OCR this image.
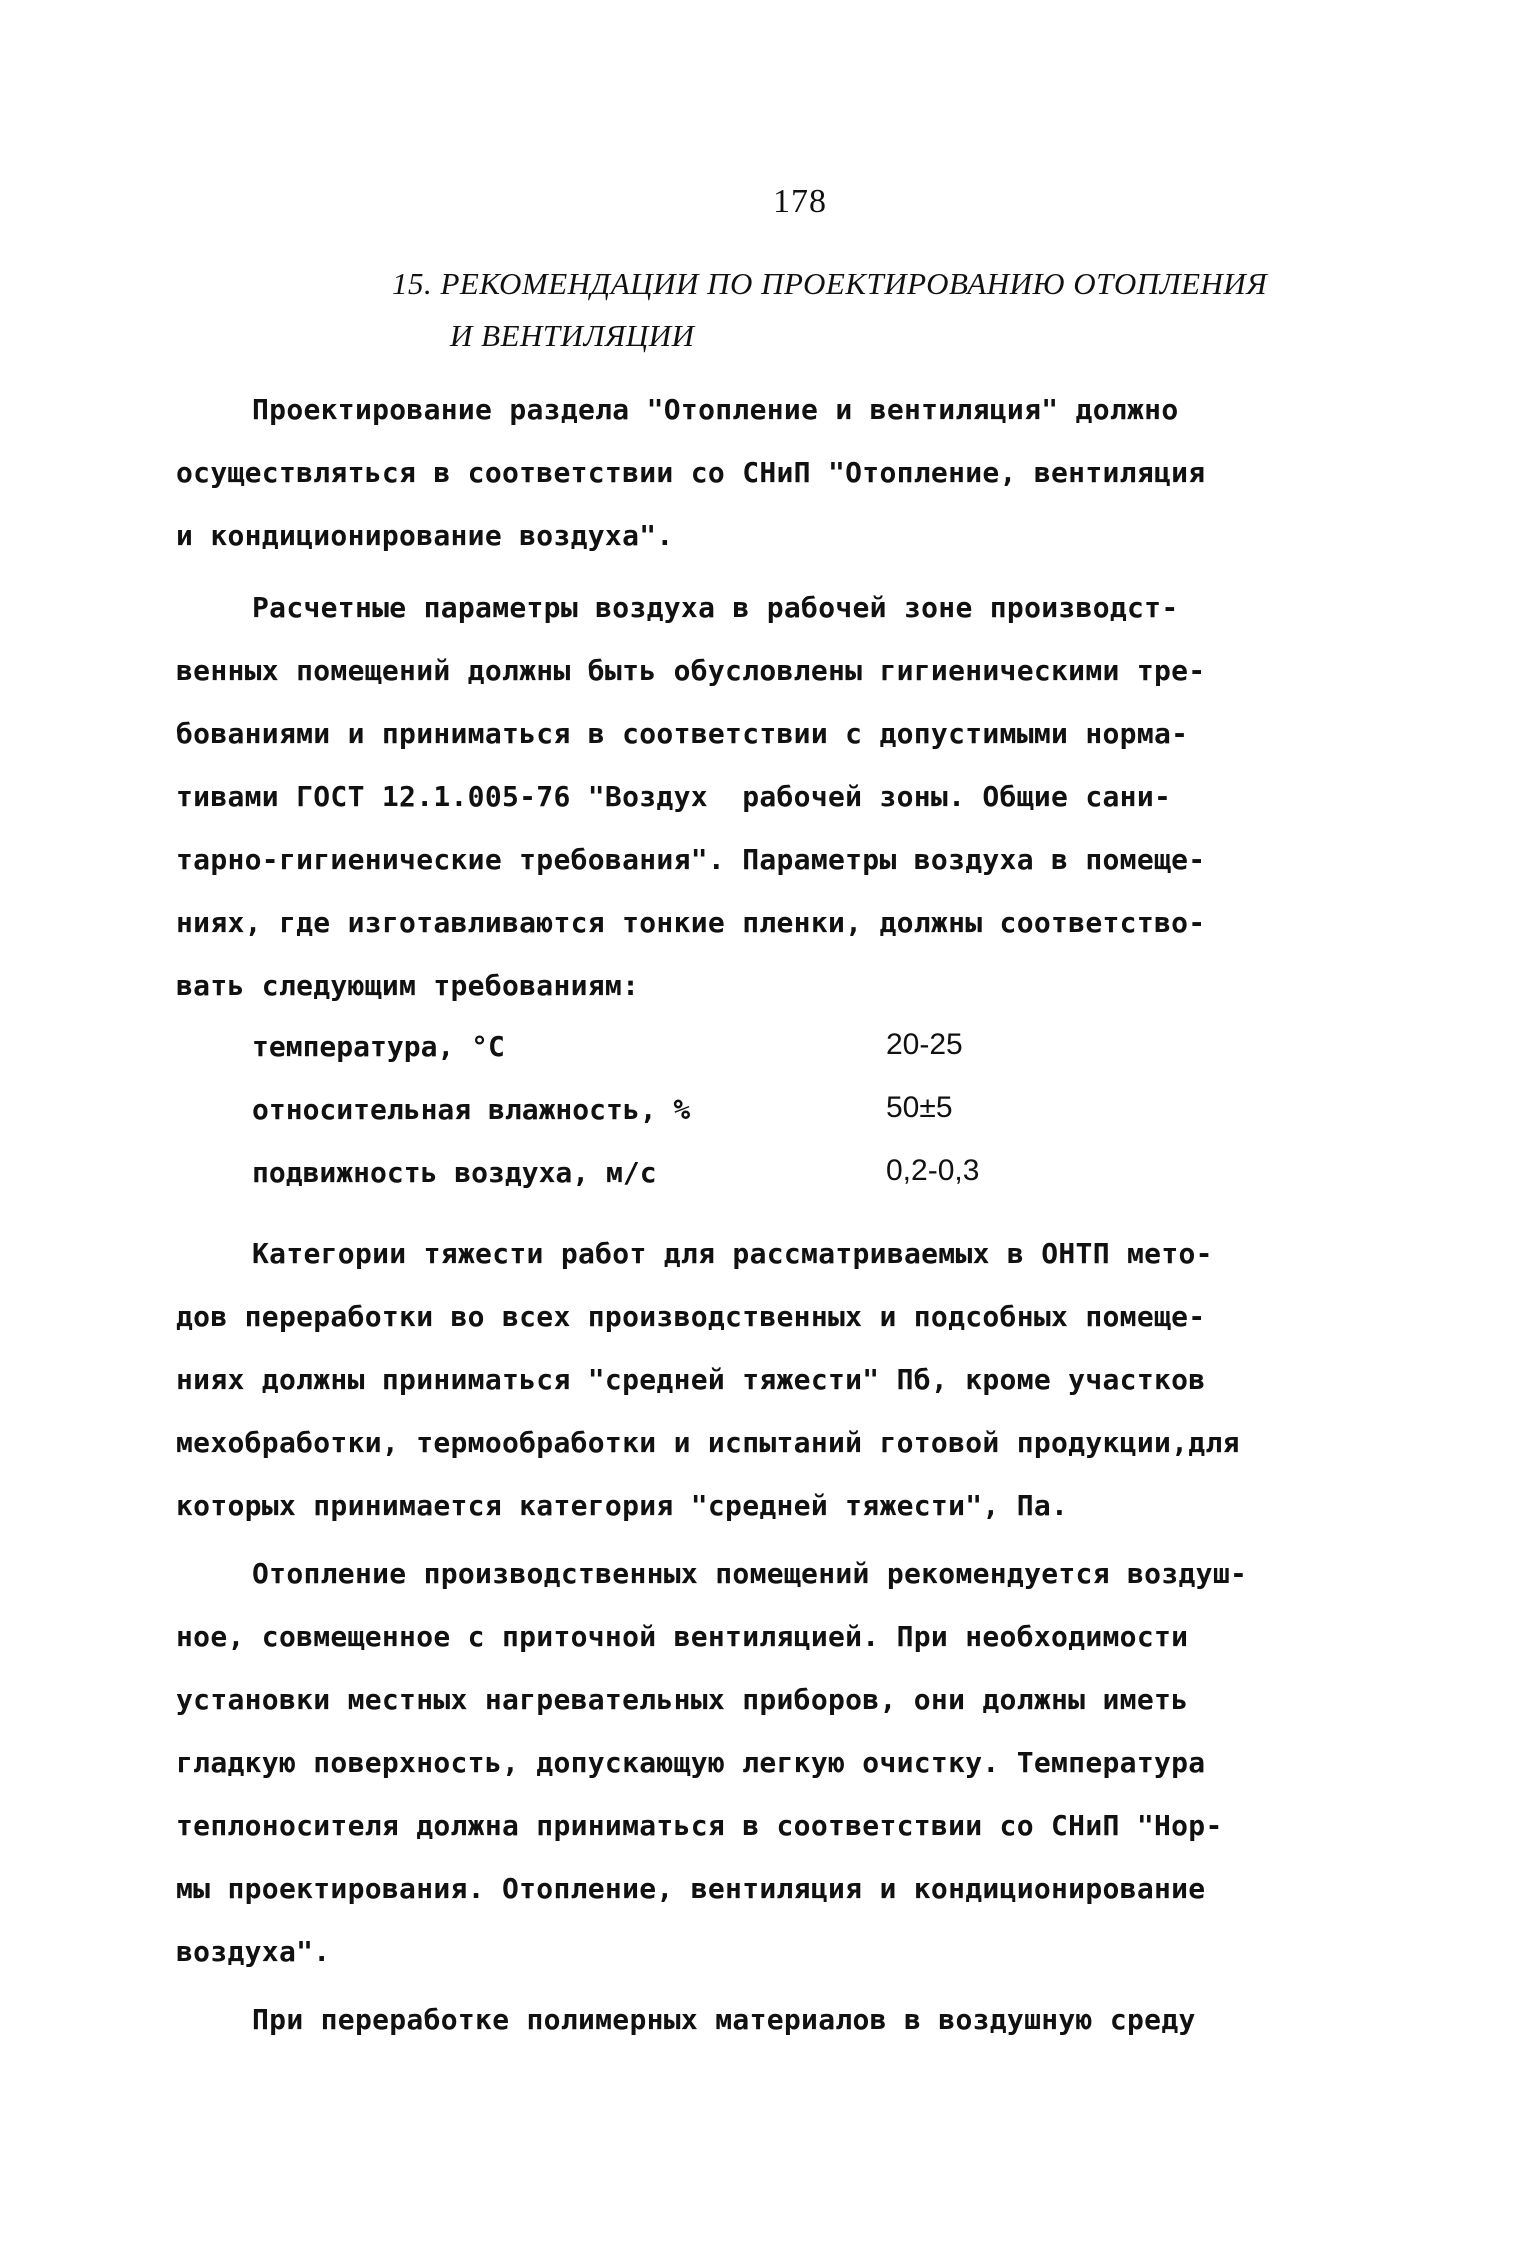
178
15. РЕКОМЕНДАЦИИ ПО ПРОЕКТИРОВАНИЮ ОТОПЛЕНИЯ
И ВЕНТИЛЯЦИИ
Проектирование раздела "Отопление и вентиляция" должно
осуществляться в соответствии со СНиП "Отопление, вентиляция
и кондиционирование воздуха".
Расчетные параметры воздуха в рабочей зоне производст-
венных помещений должны быть обусловлены гигиеническими тре-
бованиями и приниматься в соответствии с допустимыми норма-
тивами ГОСТ 12.1.005-76 "Воздух  рабочей зоны. Общие сани-
тарно-гигиенические требования". Параметры воздуха в помеще-
ниях, где изготавливаются тонкие пленки, должны соответство-
вать следующим требованиям:
температура, °С	20-25
относительная влажность, %	50±5
подвижность воздуха, м/с	0,2-0,3
Категории тяжести работ для рассматриваемых в ОНТП мето-
дов переработки во всех производственных и подсобных помеще-
ниях должны приниматься "средней тяжести" Пб, кроме участков
мехобработки, термообработки и испытаний готовой продукции,для
которых принимается категория "средней тяжести", Па.
Отопление производственных помещений рекомендуется воздуш-
ное, совмещенное с приточной вентиляцией. При необходимости
установки местных нагревательных приборов, они должны иметь
гладкую поверхность, допускающую легкую очистку. Температура
теплоносителя должна приниматься в соответствии со СНиП "Нор-
мы проектирования. Отопление, вентиляция и кондиционирование
воздуха".
При переработке полимерных материалов в воздушную среду
